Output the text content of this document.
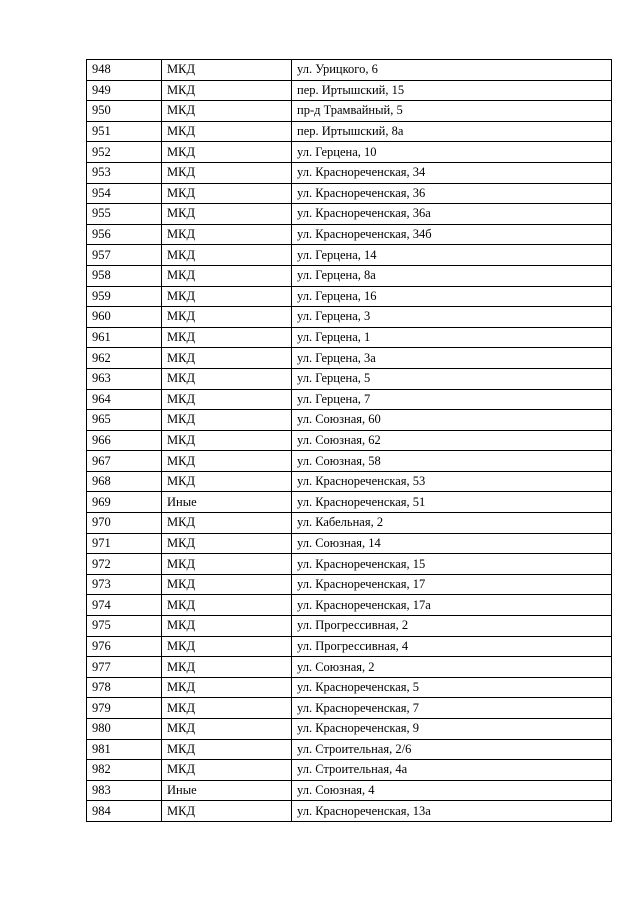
948	МКД	ул. Урицкого, 6
949	МКД	пер. Иртышский, 15
950	МКД	пр-д Трамвайный, 5
951	МКД	пер. Иртышский, 8а
952	МКД	ул. Герцена, 10
953	МКД	ул. Краснореченская, 34
954	МКД	ул. Краснореченская, 36
955	МКД	ул. Краснореченская, 36а
956	МКД	ул. Краснореченская, 34б
957	МКД	ул. Герцена, 14
958	МКД	ул. Герцена, 8а
959	МКД	ул. Герцена, 16
960	МКД	ул. Герцена, 3
961	МКД	ул. Герцена, 1
962	МКД	ул. Герцена, 3а
963	МКД	ул. Герцена, 5
964	МКД	ул. Герцена, 7
965	МКД	ул. Союзная, 60
966	МКД	ул. Союзная, 62
967	МКД	ул. Союзная, 58
968	МКД	ул. Краснореченская, 53
969	Иные	ул. Краснореченская, 51
970	МКД	ул. Кабельная, 2
971	МКД	ул. Союзная, 14
972	МКД	ул. Краснореченская, 15
973	МКД	ул. Краснореченская, 17
974	МКД	ул. Краснореченская, 17а
975	МКД	ул. Прогрессивная, 2
976	МКД	ул. Прогрессивная, 4
977	МКД	ул. Союзная, 2
978	МКД	ул. Краснореченская, 5
979	МКД	ул. Краснореченская, 7
980	МКД	ул. Краснореченская, 9
981	МКД	ул. Строительная, 2/6
982	МКД	ул. Строительная, 4а
983	Иные	ул. Союзная, 4
984	МКД	ул. Краснореченская, 13а
